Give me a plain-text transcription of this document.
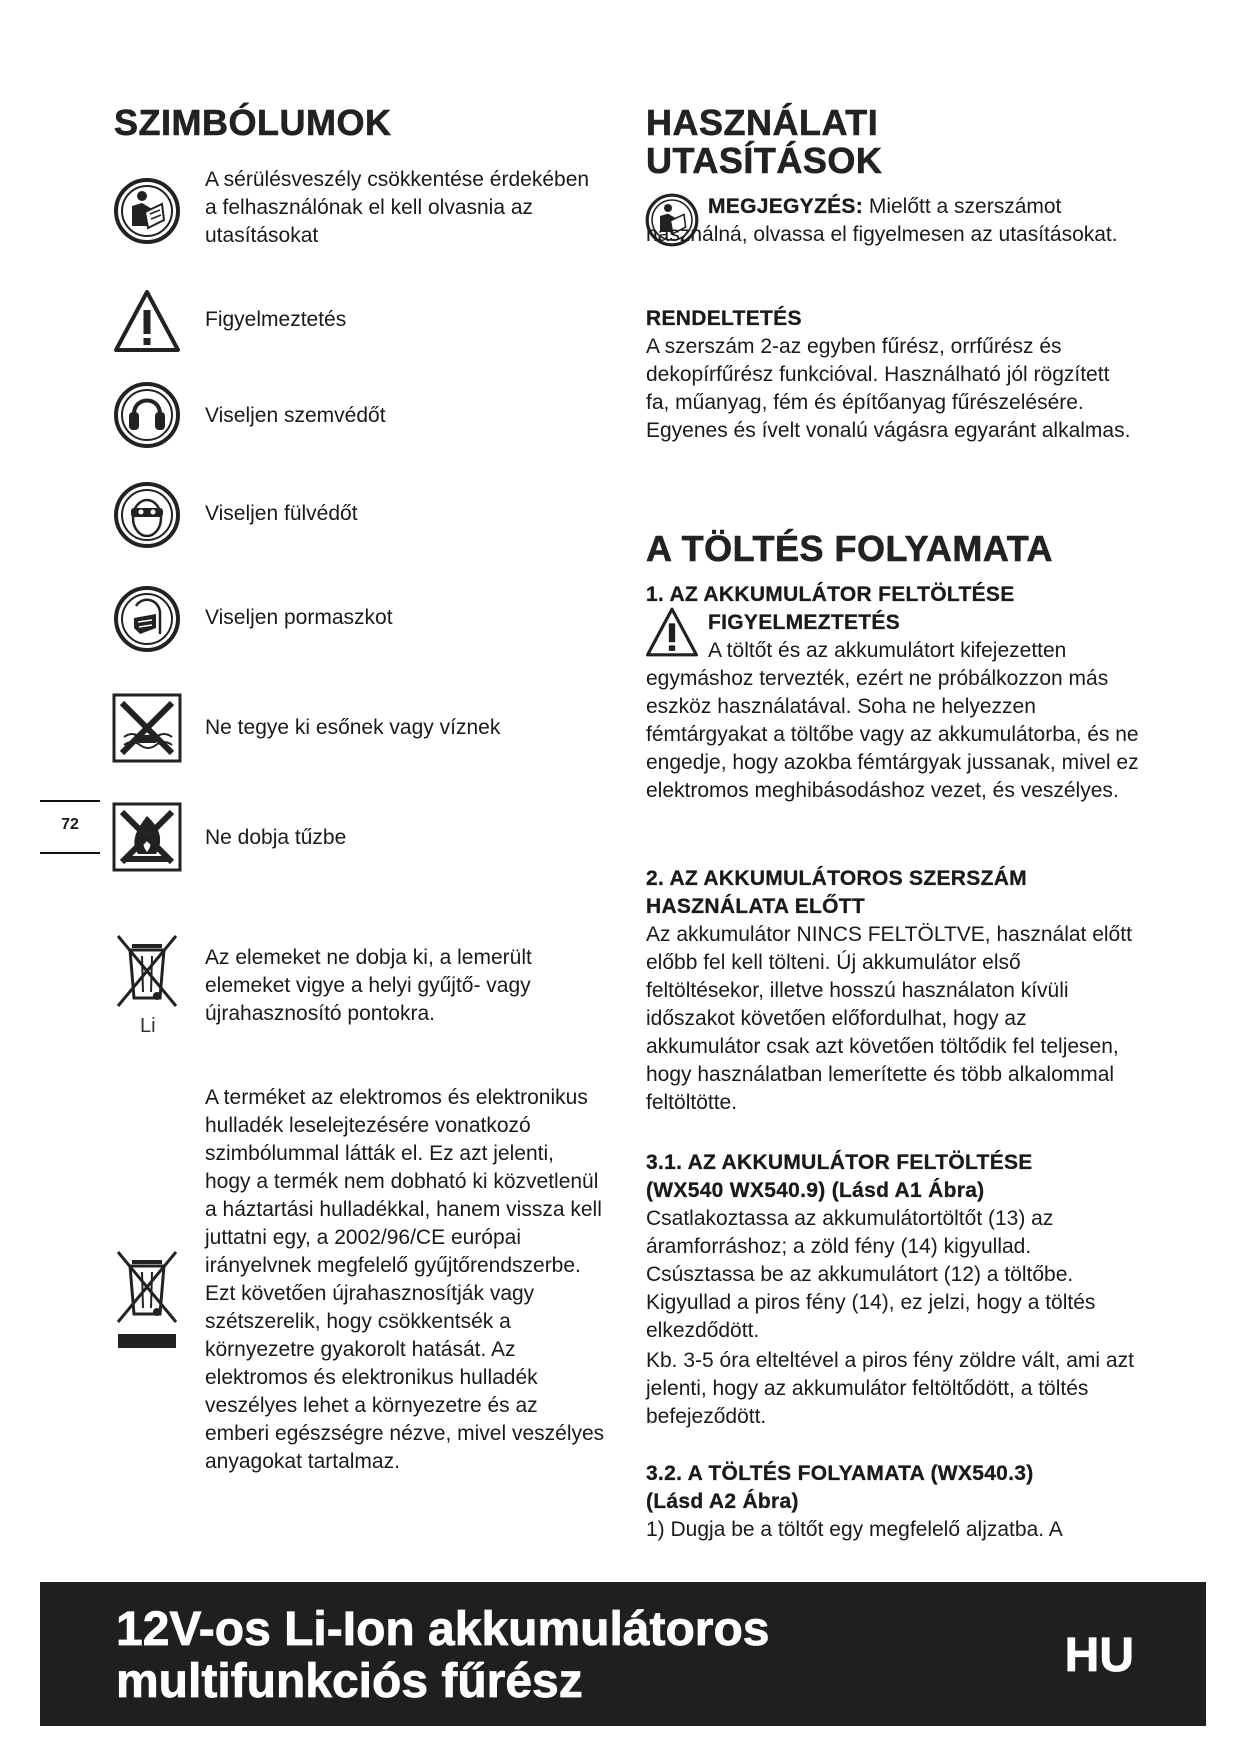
SZIMBÓLUMOK
A sérülésveszély csökkentése érdekében a felhasználónak el kell olvasnia az utasításokat
Figyelmeztetés
Viseljen szemvédőt
Viseljen fülvédőt
Viseljen pormaszkot
Ne tegye ki esőnek vagy víznek
Ne dobja tűzbe
Li
Az elemeket ne dobja ki, a lemerült elemeket vigye a helyi gyűjtő- vagy újrahasznosító pontokra.
A terméket az elektromos és elektronikus hulladék leselejtezésére vonatkozó szimbólummal látták el. Ez azt jelenti, hogy a termék nem dobható ki közvetlenül a háztartási hulladékkal, hanem vissza kell juttatni egy, a 2002/96/CE európai irányelvnek megfelelő gyűjtőrendszerbe. Ezt követően újrahasznosítják vagy szétszerelik, hogy csökkentsék a környezetre gyakorolt hatását. Az elektromos és elektronikus hulladék veszélyes lehet a környezetre és az emberi egészségre nézve, mivel veszélyes anyagokat tartalmaz.
72
HASZNÁLATI
UTASÍTÁSOK
MEGJEGYZÉS: Mielőtt a szerszámot használná, olvassa el figyelmesen az utasításokat.
RENDELTETÉS
A szerszám 2-az egyben fűrész, orrfűrész és dekopírfűrész funkcióval. Használható jól rögzített fa, műanyag, fém és építőanyag fűrészelésére. Egyenes és ívelt vonalú vágásra egyaránt alkalmas.
A TÖLTÉS FOLYAMATA
1. AZ AKKUMULÁTOR FELTÖLTÉSE
FIGYELMEZTETÉS
A töltőt és az akkumulátort kifejezetten egymáshoz tervezték, ezért ne próbálkozzon más eszköz használatával. Soha ne helyezzen fémtárgyakat a töltőbe vagy az akkumulátorba, és ne engedje, hogy azokba fémtárgyak jussanak, mivel ez elektromos meghibásodáshoz vezet, és veszélyes.
2. AZ AKKUMULÁTOROS SZERSZÁM
HASZNÁLATA ELŐTT
Az akkumulátor NINCS FELTÖLTVE, használat előtt előbb fel kell tölteni. Új akkumulátor első feltöltésekor, illetve hosszú használaton kívüli időszakot követően előfordulhat, hogy az akkumulátor csak azt követően töltődik fel teljesen, hogy használatban lemerítette és több alkalommal feltöltötte.
3.1. AZ AKKUMULÁTOR FELTÖLTÉSE
(WX540 WX540.9) (Lásd A1 Ábra)
Csatlakoztassa az akkumulátortöltőt (13) az áramforráshoz; a zöld fény (14) kigyullad. Csúsztassa be az akkumulátort (12) a töltőbe. Kigyullad a piros fény (14), ez jelzi, hogy a töltés elkezdődött.
Kb. 3-5 óra elteltével a piros fény zöldre vált, ami azt jelenti, hogy az akkumulátor feltöltődött, a töltés befejeződött.
3.2. A TÖLTÉS FOLYAMATA (WX540.3)
(Lásd A2 Ábra)
1) Dugja be a töltőt egy megfelelő aljzatba. A
12V-os Li-Ion akkumulátoros
multifunkciós fűrész	HU
